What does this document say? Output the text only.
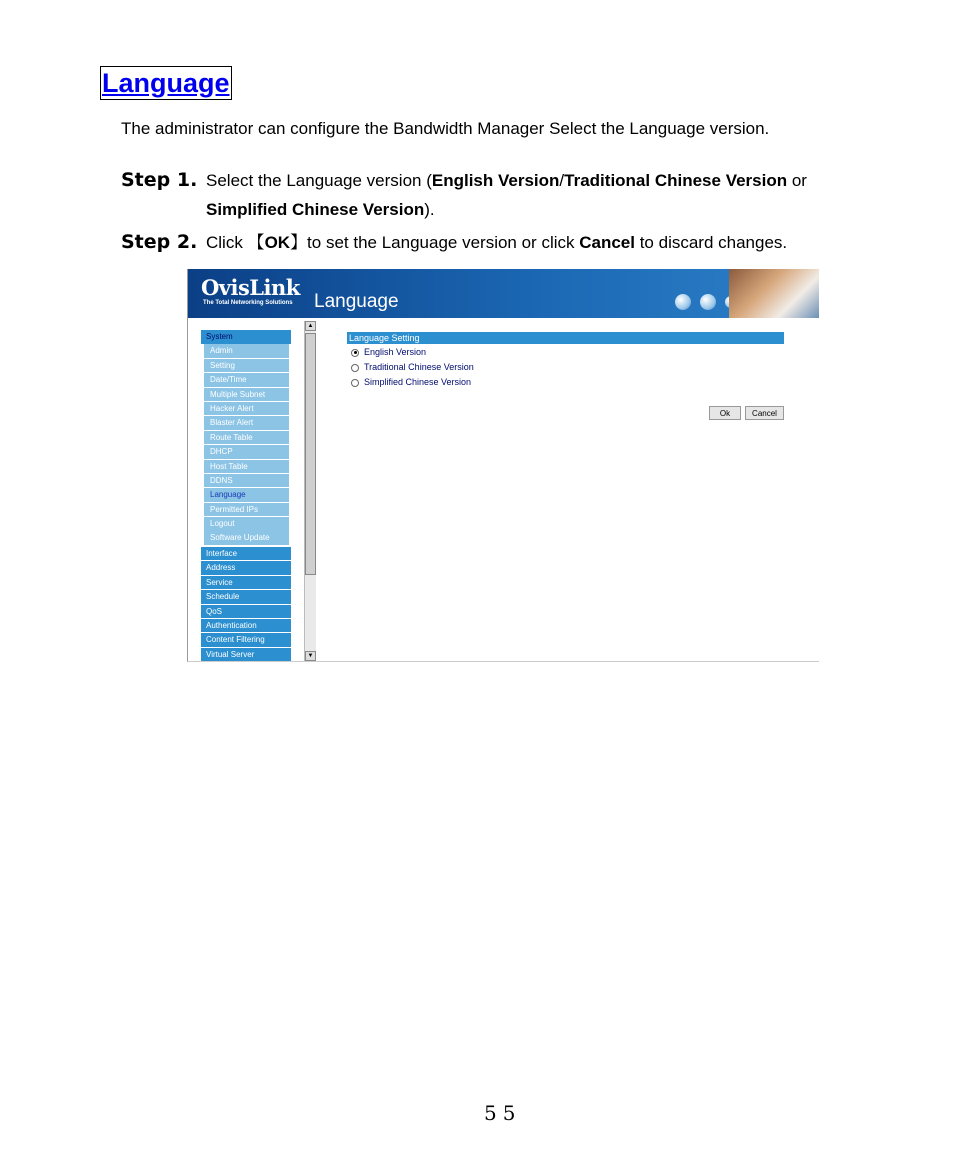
Language
The administrator can configure the Bandwidth Manager Select the Language version.
Step 1. Select the Language version (English Version/Traditional Chinese Version or
Simplified Chinese Version).
Step 2. Click 【OK】to set the Language version or click Cancel to discard changes.
OvisLink
The Total Networking Solutions Language
System
Admin
Setting
Date/Time
Multiple Subnet
Hacker Alert
Blaster Alert
Route Table
DHCP
Host Table
DDNS
Language
Permitted IPs
Logout
Software Update
Interface
Address
Service
Schedule
QoS
Authentication
Content Filtering
Virtual Server
▲
▼
Language Setting
English Version
Traditional Chinese Version
Simplified Chinese Version
Ok	Cancel
55
